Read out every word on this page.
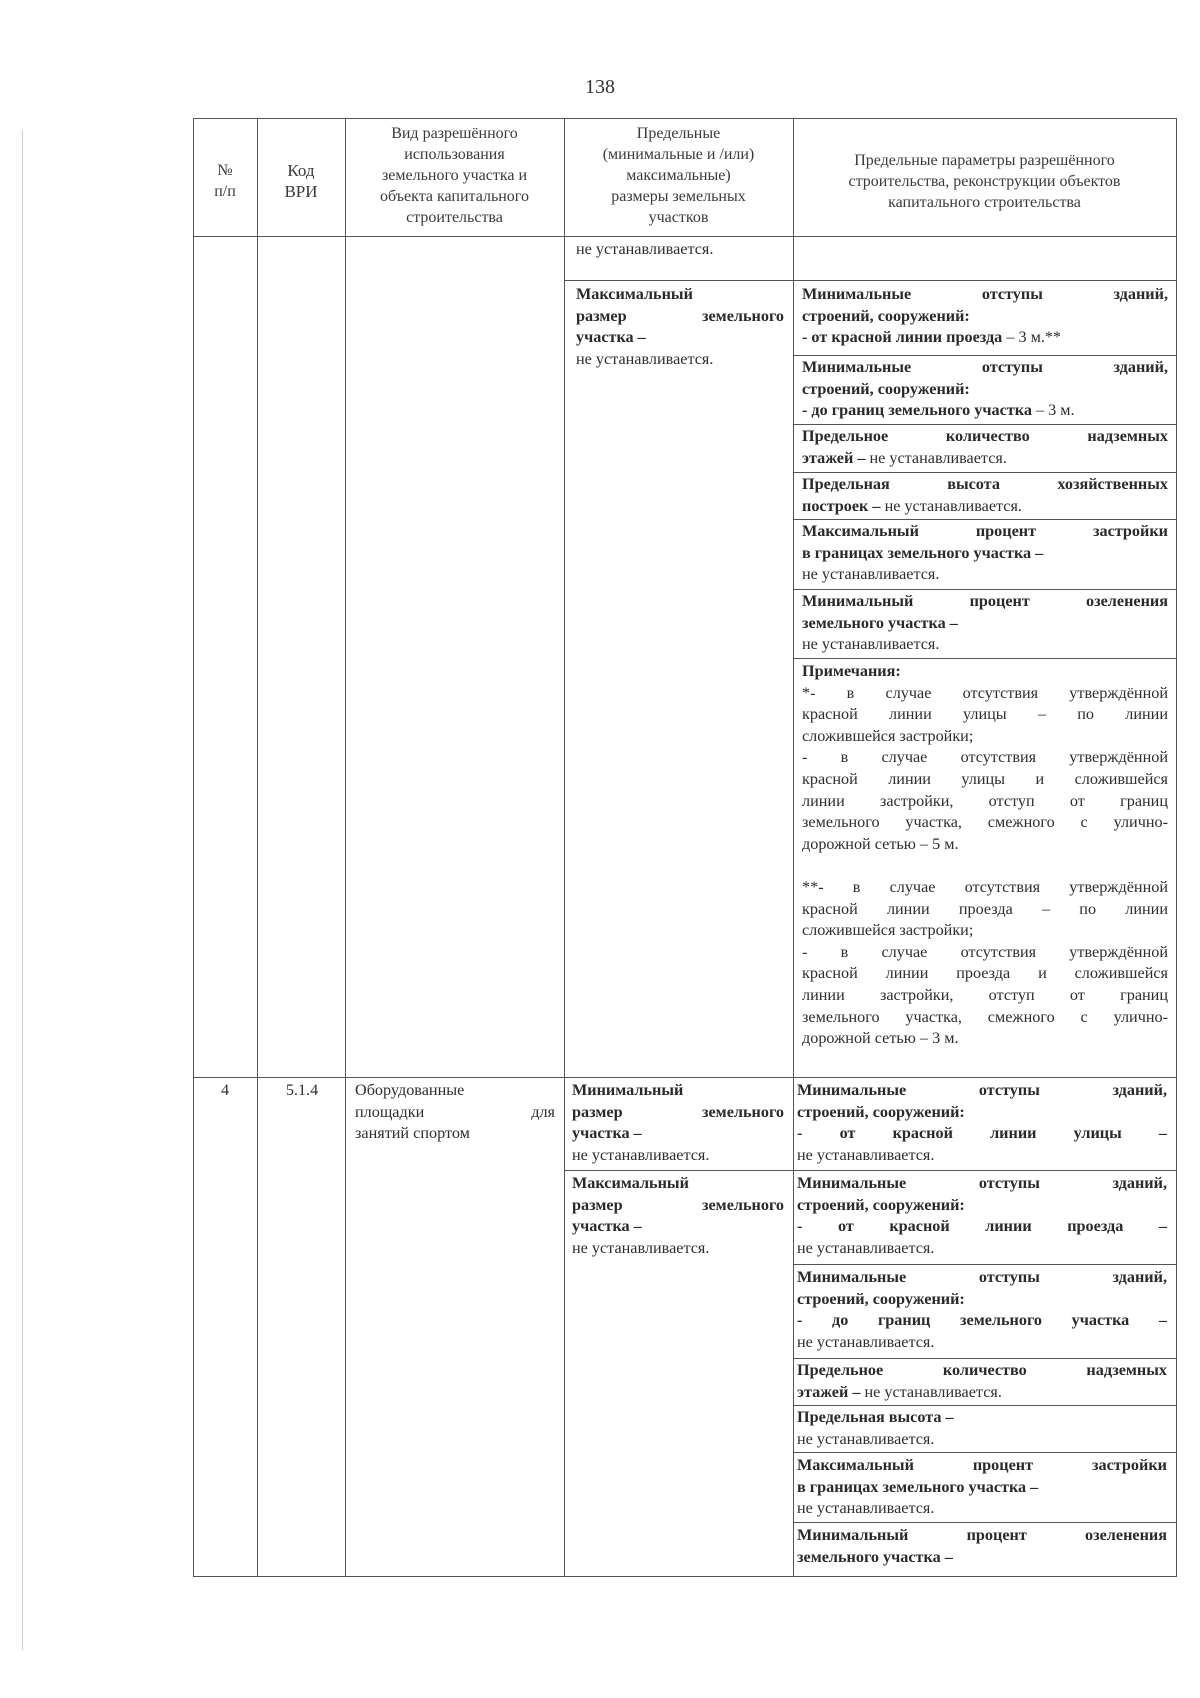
138
№
п/п
Код
ВРИ
Вид разрешённого
использования
земельного участка и
объекта капитального
строительства
Предельные
(минимальные и /или)
максимальные)
размеры земельных
участков
Предельные параметры разрешённого
строительства, реконструкции объектов
капитального строительства
не устанавливается.
Максимальный
размер земельного
участка –
не устанавливается.
Минимальные отступы зданий,
строений, сооружений:
- от красной линии проезда – 3 м.**
Минимальные отступы зданий,
строений, сооружений:
- до границ земельного участка – 3 м.
Предельное количество надземных
этажей – не устанавливается.
Предельная высота хозяйственных
построек – не устанавливается.
Максимальный процент застройки
в границах земельного участка –
не устанавливается.
Минимальный процент озеленения
земельного участка –
не устанавливается.
Примечания:
*- в случае отсутствия утверждённой
красной линии улицы – по линии
сложившейся застройки;
- в случае отсутствия утверждённой
красной линии улицы и сложившейся
линии застройки, отступ от границ
земельного участка, смежного с улично-
дорожной сетью – 5 м.
**- в случае отсутствия утверждённой
красной линии проезда – по линии
сложившейся застройки;
- в случае отсутствия утверждённой
красной линии проезда и сложившейся
линии застройки, отступ от границ
земельного участка, смежного с улично-
дорожной сетью – 3 м.
4	5.1.4	Оборудованные
площадки для
занятий спортом
Минимальный
размер земельного
участка –
не устанавливается.
Максимальный
размер земельного
участка –
не устанавливается.
Минимальные отступы зданий,
строений, сооружений:
- от красной линии улицы –
не устанавливается.
Минимальные отступы зданий,
строений, сооружений:
- от красной линии проезда –
не устанавливается.
Минимальные отступы зданий,
строений, сооружений:
- до границ земельного участка –
не устанавливается.
Предельное количество надземных
этажей – не устанавливается.
Предельная высота –
не устанавливается.
Максимальный процент застройки
в границах земельного участка –
не устанавливается.
Минимальный процент озеленения
земельного участка –
